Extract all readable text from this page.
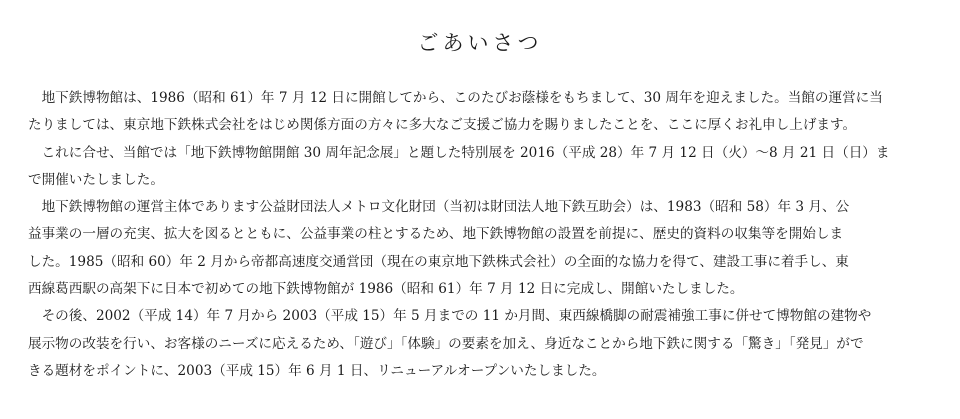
ごあいさつ

地下鉄博物館は、1986（昭和 61）年 7 月 12 日に開館してから、このたびお蔭様をもちまして、30 周年を迎えました。当館の運営に当
たりましては、東京地下鉄株式会社をはじめ関係方面の方々に多大なご支援ご協力を賜りましたことを、ここに厚くお礼申し上げます。

これに合せ、当館では「地下鉄博物館開館 30 周年記念展」と題した特別展を 2016（平成 28）年 7 月 12 日（火）～8 月 21 日（日）ま
で開催いたしました。

地下鉄博物館の運営主体であります公益財団法人メトロ文化財団（当初は財団法人地下鉄互助会）は、1983（昭和 58）年 3 月、公
益事業の一層の充実、拡大を図るとともに、公益事業の柱とするため、地下鉄博物館の設置を前提に、歴史的資料の収集等を開始しま
した。1985（昭和 60）年 2 月から帝都高速度交通営団（現在の東京地下鉄株式会社）の全面的な協力を得て、建設工事に着手し、東
西線葛西駅の高架下に日本で初めての地下鉄博物館が 1986（昭和 61）年 7 月 12 日に完成し、開館いたしました。

その後、2002（平成 14）年 7 月から 2003（平成 15）年 5 月までの 11 か月間、東西線橋脚の耐震補強工事に併せて博物館の建物や
展示物の改装を行い、お客様のニーズに応えるため、「遊び」「体験」の要素を加え、身近なことから地下鉄に関する「驚き」「発見」がで
きる題材をポイントに、2003（平成 15）年 6 月 1 日、リニューアルオープンいたしました。
